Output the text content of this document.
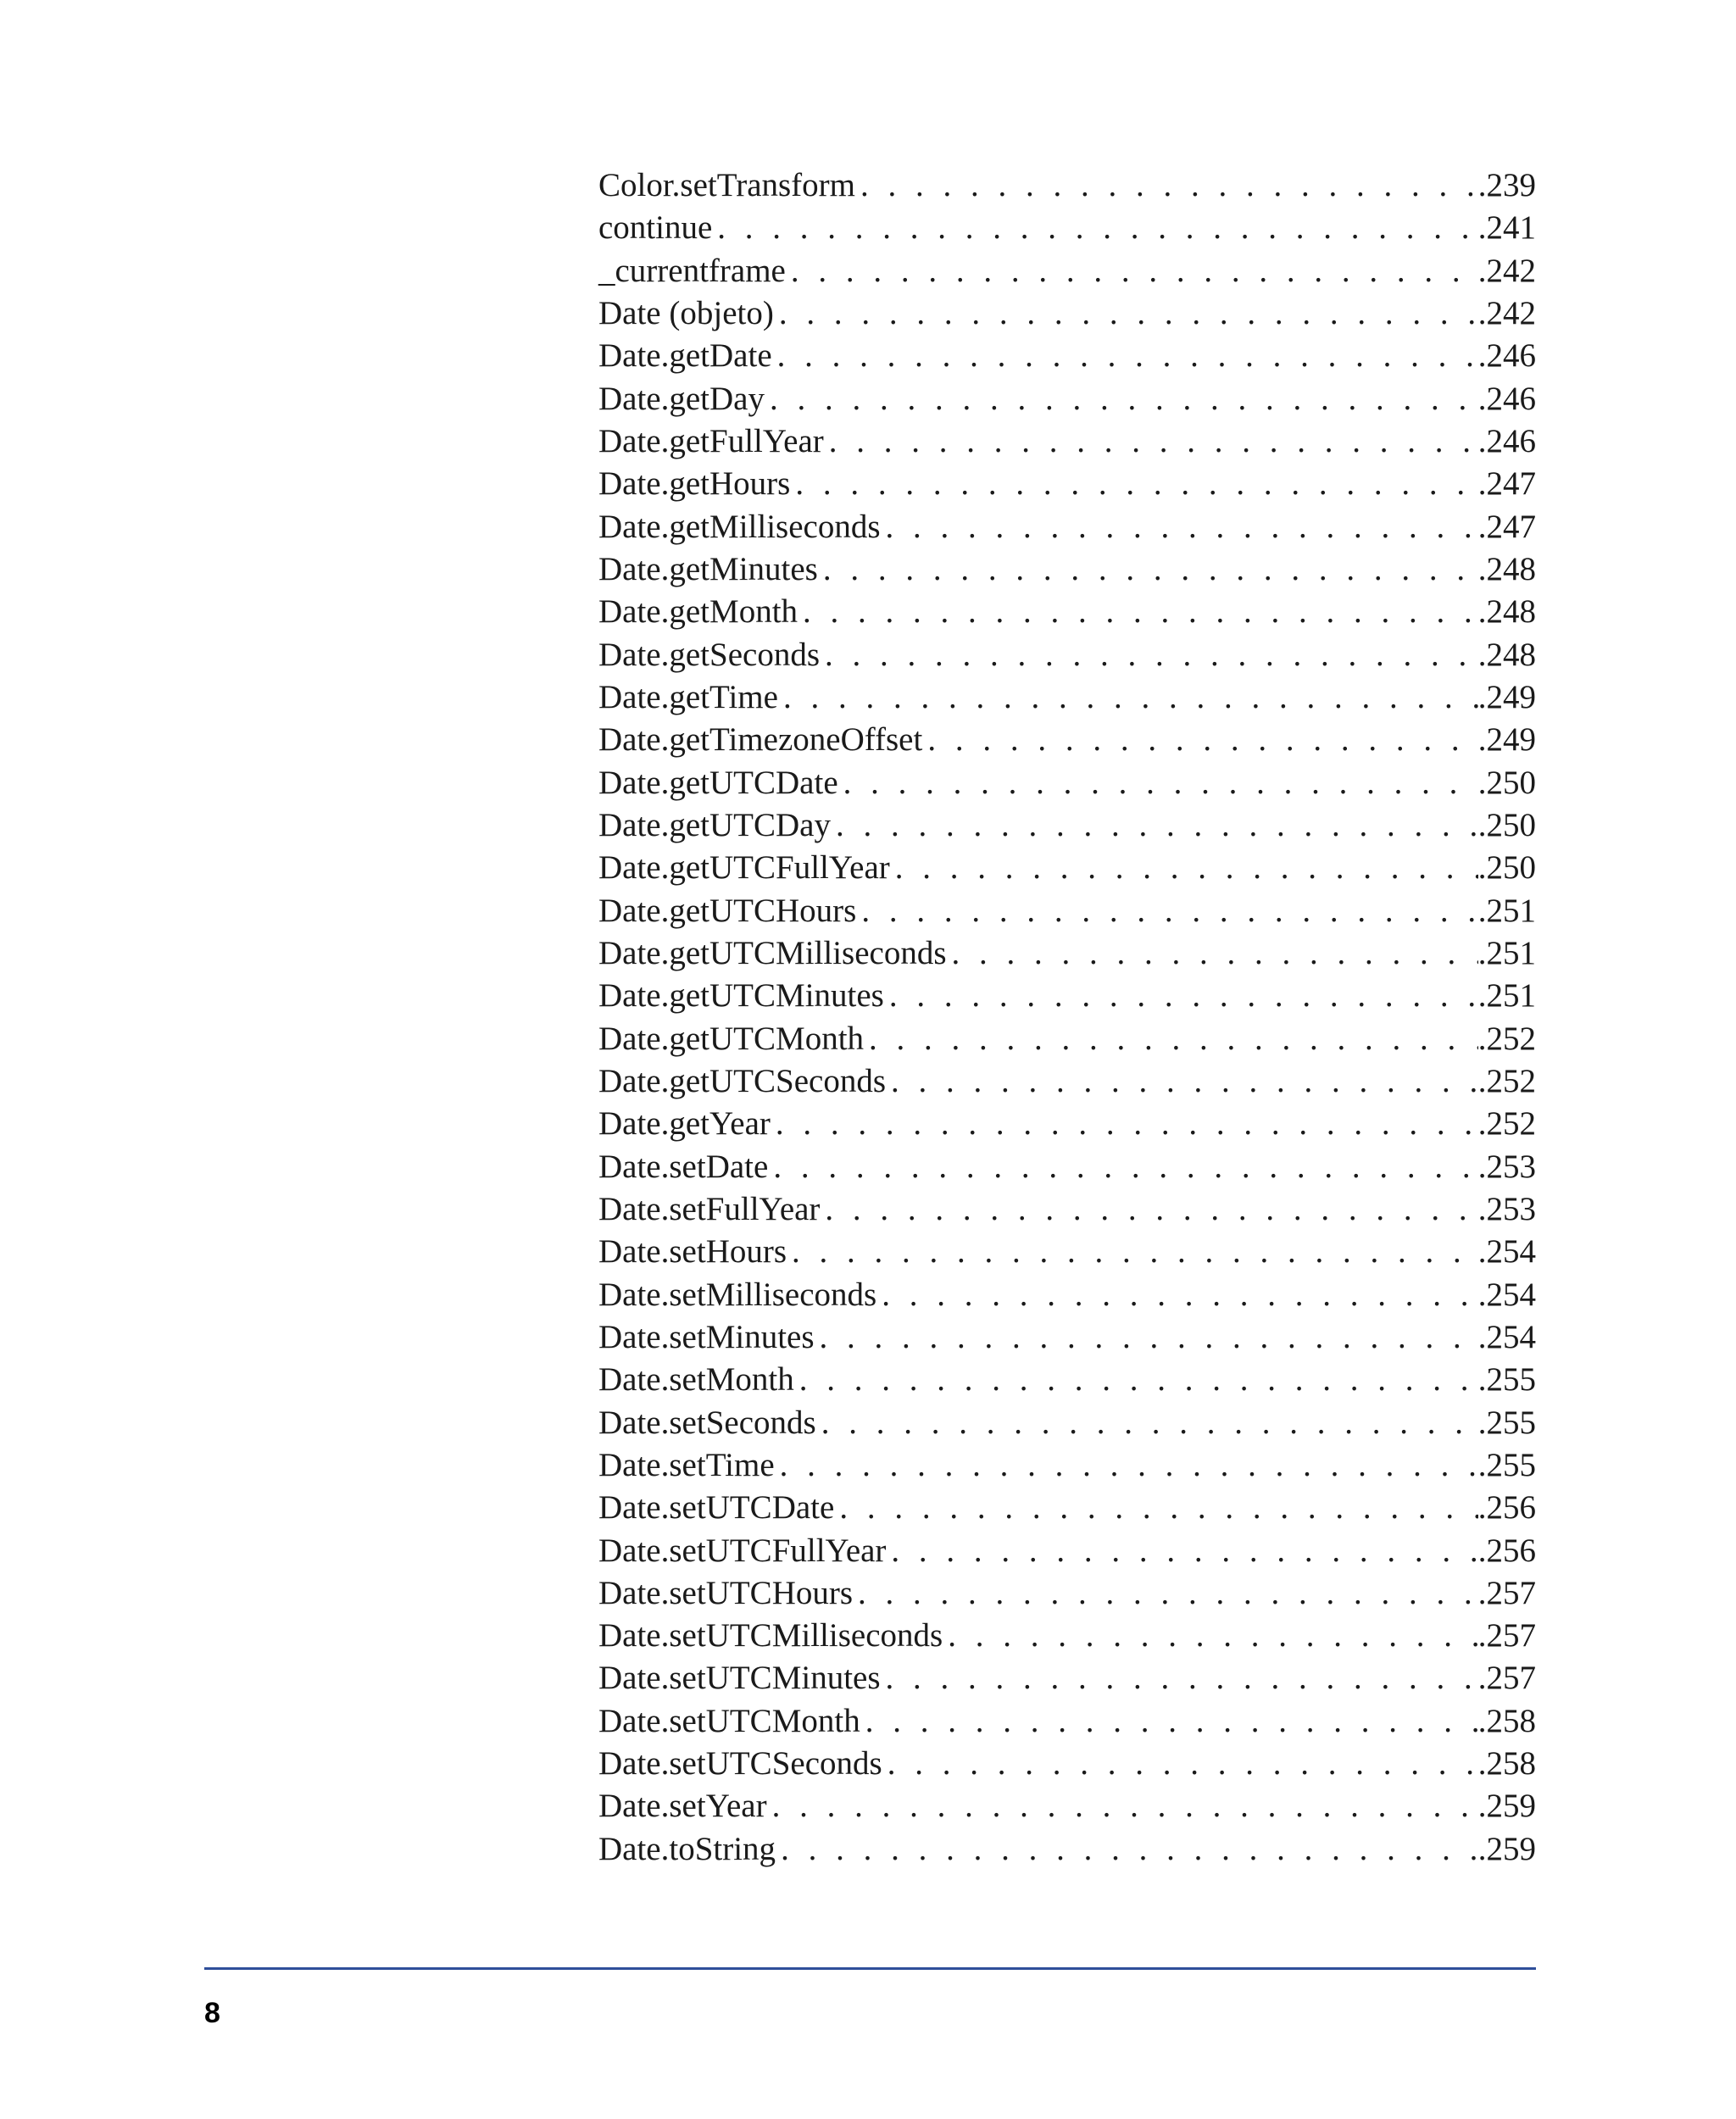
Color.setTransform . . .	.239
continue . . .	.241
_currentframe . . .	.242
Date (objeto) . . .	.242
Date.getDate . . .	.246
Date.getDay . . .	.246
Date.getFullYear . . .	.246
Date.getHours . . .	.247
Date.getMilliseconds . . .	.247
Date.getMinutes . . .	.248
Date.getMonth . . .	.248
Date.getSeconds . . .	.248
Date.getTime . . .	.249
Date.getTimezoneOffset . . .	.249
Date.getUTCDate . . .	.250
Date.getUTCDay . . .	.250
Date.getUTCFullYear . . .	.250
Date.getUTCHours . . .	.251
Date.getUTCMilliseconds . . .	.251
Date.getUTCMinutes . . .	.251
Date.getUTCMonth . . .	.252
Date.getUTCSeconds . . .	.252
Date.getYear . . .	.252
Date.setDate . . .	.253
Date.setFullYear . . .	.253
Date.setHours . . .	.254
Date.setMilliseconds . . .	.254
Date.setMinutes . . .	.254
Date.setMonth . . .	.255
Date.setSeconds . . .	.255
Date.setTime . . .	.255
Date.setUTCDate . . .	.256
Date.setUTCFullYear . . .	.256
Date.setUTCHours . . .	.257
Date.setUTCMilliseconds . . .	.257
Date.setUTCMinutes . . .	.257
Date.setUTCMonth . . .	.258
Date.setUTCSeconds . . .	.258
Date.setYear . . .	.259
Date.toString . . .	.259
8
